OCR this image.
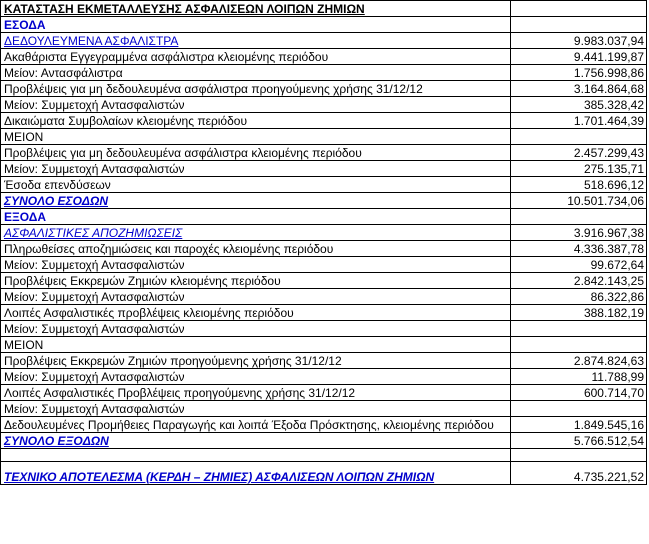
ΚΑΤΑΣΤΑΣΗ ΕΚΜΕΤΑΛΛΕΥΣΗΣ ΑΣΦΑΛΙΣΕΩΝ ΛΟΙΠΩΝ ΖΗΜΙΩΝ	
ΕΣΟΔΑ	
ΔΕΔΟΥΛΕΥΜΕΝΑ ΑΣΦΑΛΙΣΤΡΑ	9.983.037,94
Ακαθάριστα Εγγεγραμμένα ασφάλιστρα κλειομένης περιόδου	9.441.199,87
Μείον: Αντασφάλιστρα	1.756.998,86
Προβλέψεις για μη δεδουλευμένα ασφάλιστρα προηγούμενης χρήσης 31/12/12	3.164.864,68
Μείον: Συμμετοχή Αντασφαλιστών	385.328,42
Δικαιώματα Συμβολαίων κλειομένης περιόδου	1.701.464,39
ΜΕΙΟΝ	
Προβλέψεις για μη δεδουλευμένα ασφάλιστρα κλειομένης περιόδου	2.457.299,43
Μείον: Συμμετοχή Αντασφαλιστών	275.135,71
Έσοδα επενδύσεων	518.696,12
ΣΥΝΟΛΟ ΕΣΟΔΩΝ	10.501.734,06
ΕΞΟΔΑ	
ΑΣΦΑΛΙΣΤΙΚΕΣ ΑΠΟΖΗΜΙΩΣΕΙΣ	3.916.967,38
Πληρωθείσες αποζημιώσεις και παροχές κλειομένης περιόδου	4.336.387,78
Μείον: Συμμετοχή Αντασφαλιστών	99.672,64
Προβλέψεις Εκκρεμών Ζημιών κλειομένης περιόδου	2.842.143,25
Μείον: Συμμετοχή Αντασφαλιστών	86.322,86
Λοιπές Ασφαλιστικές προβλέψεις κλειομένης περιόδου	388.182,19
Μείον: Συμμετοχή Αντασφαλιστών	
ΜΕΙΟΝ	
Προβλέψεις Εκκρεμών Ζημιών προηγούμενης χρήσης 31/12/12	2.874.824,63
Μείον: Συμμετοχή Αντασφαλιστών	11.788,99
Λοιπές Ασφαλιστικές Προβλέψεις προηγούμενης χρήσης 31/12/12	600.714,70
Μείον: Συμμετοχή Αντασφαλιστών	
Δεδουλευμένες Προμήθειες Παραγωγής και λοιπά Έξοδα Πρόσκτησης, κλειομένης περιόδου	1.849.545,16
ΣΥΝΟΛΟ ΕΞΟΔΩΝ	5.766.512,54

ΤΕΧΝΙΚΟ ΑΠΟΤΕΛΕΣΜΑ (ΚΕΡΔΗ – ΖΗΜΙΕΣ) ΑΣΦΑΛΙΣΕΩΝ ΛΟΙΠΩΝ ΖΗΜΙΩΝ	4.735.221,52
